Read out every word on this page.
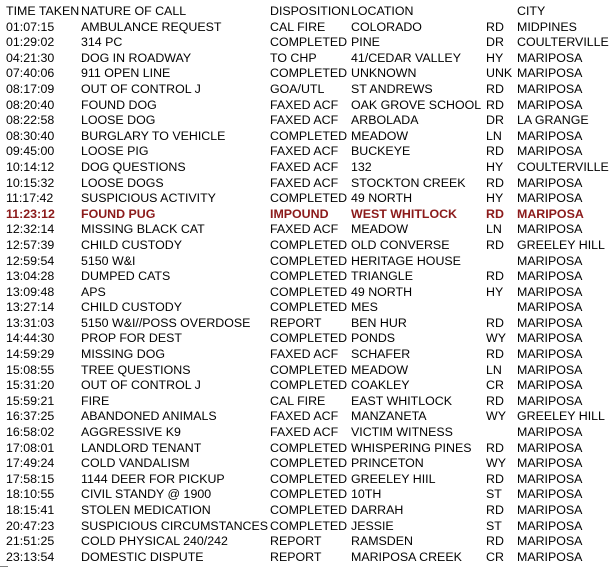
TIME TAKEN NATURE OF CALL	DISPOSITION LOCATION	CITY
01:07:15	AMBULANCE REQUEST	CAL FIRE	COLORADO	RD	MIDPINES
01:29:02	314 PC	COMPLETED PINE	DR	COULTERVILLE
04:21:30	DOG IN ROADWAY	TO CHP	41/CEDAR VALLEY	HY	MARIPOSA
07:40:06	911 OPEN LINE	COMPLETED UNKNOWN	UNK MARIPOSA
08:17:09	OUT OF CONTROL J	GOA/UTL	ST ANDREWS	RD	MARIPOSA
08:20:40	FOUND DOG	FAXED ACF	OAK GROVE SCHOOL RD	MARIPOSA
08:22:58	LOOSE DOG	FAXED ACF	ARBOLADA	DR	LA GRANGE
08:30:40	BURGLARY TO VEHICLE	COMPLETED MEADOW	LN	MARIPOSA
09:45:00	LOOSE PIG	FAXED ACF	BUCKEYE	RD	MARIPOSA
10:14:12	DOG QUESTIONS	FAXED ACF	132	HY	COULTERVILLE
10:15:32	LOOSE DOGS	FAXED ACF	STOCKTON CREEK	RD	MARIPOSA
11:17:42	SUSPICIOUS ACTIVITY	COMPLETED 49 NORTH	HY	MARIPOSA
11:23:12	FOUND PUG	IMPOUND	WEST WHITLOCK	RD	MARIPOSA
12:32:14	MISSING BLACK CAT	FAXED ACF	MEADOW	LN	MARIPOSA
12:57:39	CHILD CUSTODY	COMPLETED OLD CONVERSE	RD	GREELEY HILL
12:59:54	5150 W&I	COMPLETED HERITAGE HOUSE	MARIPOSA
13:04:28	DUMPED CATS	COMPLETED TRIANGLE	RD	MARIPOSA
13:09:48	APS	COMPLETED 49 NORTH	HY	MARIPOSA
13:27:14	CHILD CUSTODY	COMPLETED MES	MARIPOSA
13:31:03	5150 W&I//POSS OVERDOSE	REPORT	BEN HUR	RD	MARIPOSA
14:44:30	PROP FOR DEST	COMPLETED PONDS	WY MARIPOSA
14:59:29	MISSING DOG	FAXED ACF	SCHAFER	RD	MARIPOSA
15:08:55	TREE QUESTIONS	COMPLETED MEADOW	LN	MARIPOSA
15:31:20	OUT OF CONTROL J	COMPLETED COAKLEY	CR	MARIPOSA
15:59:21	FIRE	CAL FIRE	EAST WHITLOCK	RD	MARIPOSA
16:37:25	ABANDONED ANIMALS	FAXED ACF	MANZANETA	WY GREELEY HILL
16:58:02	AGGRESSIVE K9	FAXED ACF	VICTIM WITNESS	MARIPOSA
17:08:01	LANDLORD TENANT	COMPLETED WHISPERING PINES	RD	MARIPOSA
17:49:24	COLD VANDALISM	COMPLETED PRINCETON	WY MARIPOSA
17:58:15	1144 DEER FOR PICKUP	COMPLETED GREELEY HIIL	RD	MARIPOSA
18:10:55	CIVIL STANDY @ 1900	COMPLETED 10TH	ST	MARIPOSA
18:15:41	STOLEN MEDICATION	COMPLETED DARRAH	RD	MARIPOSA
20:47:23	SUSPICIOUS CIRCUMSTANCES COMPLETED JESSIE	ST	MARIPOSA
21:51:25	COLD PHYSICAL 240/242	REPORT	RAMSDEN	RD	MARIPOSA
23:13:54	DOMESTIC DISPUTE	REPORT	MARIPOSA CREEK	CR	MARIPOSA
